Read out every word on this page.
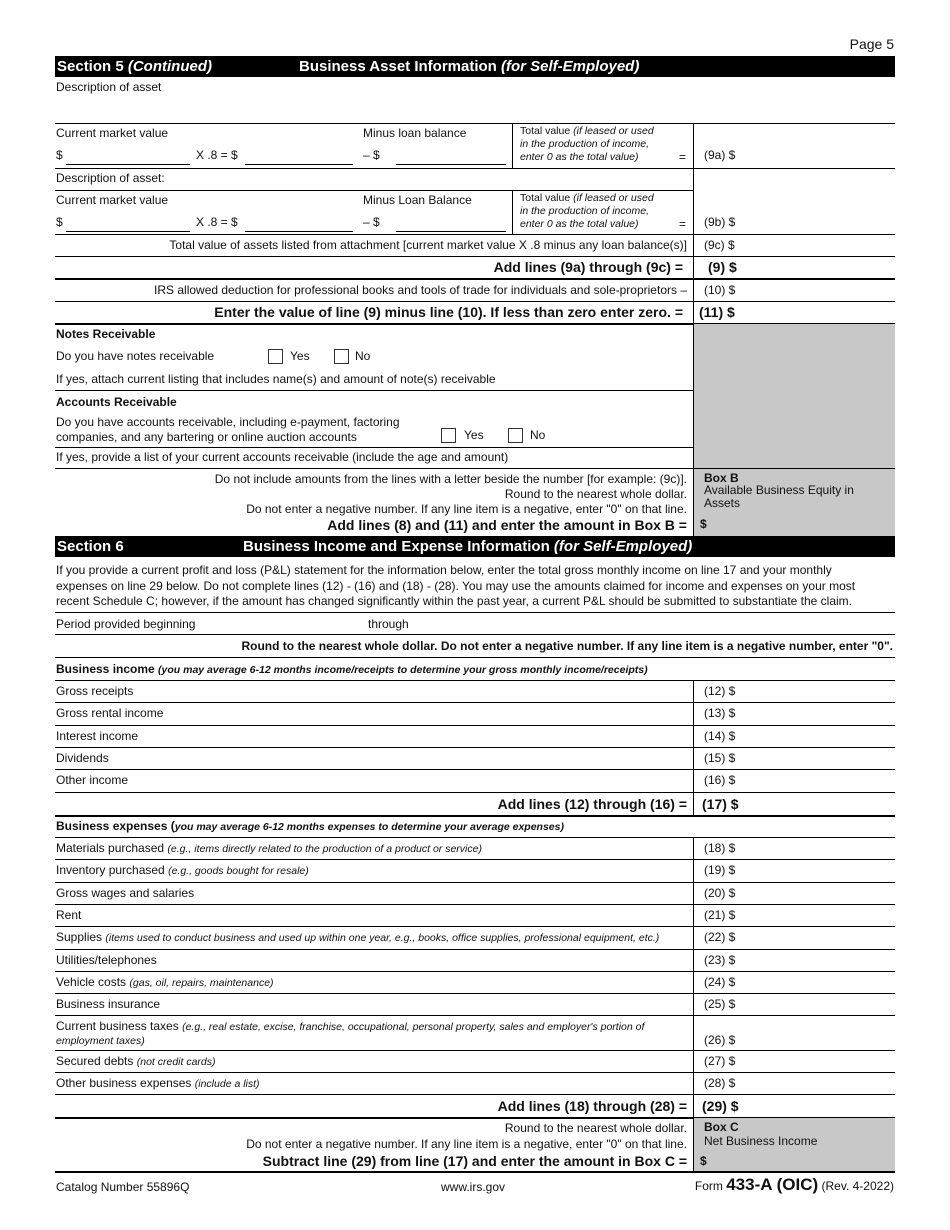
Page 5
Section 5 (Continued)	Business Asset Information (for Self-Employed)
Description of asset
Current market value
$	X .8 = $
Minus loan balance
– $
Total value (if leased or used
in the production of income,
enter 0 as the total value)	= (9a) $
Description of asset:
Current market value
$	X .8 = $
Minus Loan Balance
– $
Total value (if leased or used
in the production of income,
enter 0 as the total value)	= (9b) $
Total value of assets listed from attachment [current market value X .8 minus any loan balance(s)] (9c) $
Add lines (9a) through (9c) = (9) $
IRS allowed deduction for professional books and tools of trade for individuals and sole-proprietors – (10) $
Enter the value of line (9) minus line (10). If less than zero enter zero. = (11) $
Notes Receivable
Do you have notes receivable	Yes	No
If yes, attach current listing that includes name(s) and amount of note(s) receivable
Accounts Receivable
Do you have accounts receivable, including e-payment, factoring
companies, and any bartering or online auction accounts	Yes	No
If yes, provide a list of your current accounts receivable (include the age and amount)
Do not include amounts from the lines with a letter beside the number [for example: (9c)].
Round to the nearest whole dollar.
Do not enter a negative number. If any line item is a negative, enter "0" on that line.
Add lines (8) and (11) and enter the amount in Box B =
Box B
Available Business Equity in
Assets
$
Section 6	Business Income and Expense Information (for Self-Employed)
If you provide a current profit and loss (P&L) statement for the information below, enter the total gross monthly income on line 17 and your monthly
expenses on line 29 below. Do not complete lines (12) - (16) and (18) - (28). You may use the amounts claimed for income and expenses on your most
recent Schedule C; however, if the amount has changed significantly within the past year, a current P&L should be submitted to substantiate the claim.
Period provided beginning	through
Round to the nearest whole dollar. Do not enter a negative number. If any line item is a negative number, enter "0".
Business income (you may average 6-12 months income/receipts to determine your gross monthly income/receipts)
Gross receipts	(12) $
Gross rental income	(13) $
Interest income	(14) $
Dividends	(15) $
Other income	(16) $
Add lines (12) through (16) = (17) $
Business expenses (you may average 6-12 months expenses to determine your average expenses)
Materials purchased (e.g., items directly related to the production of a product or service)	(18) $
Inventory purchased (e.g., goods bought for resale)	(19) $
Gross wages and salaries	(20) $
Rent	(21) $
Supplies (items used to conduct business and used up within one year, e.g., books, office supplies, professional equipment, etc.)	(22) $
Utilities/telephones	(23) $
Vehicle costs (gas, oil, repairs, maintenance)	(24) $
Business insurance	(25) $
Current business taxes (e.g., real estate, excise, franchise, occupational, personal property, sales and employer's portion of
employment taxes)	(26) $
Secured debts (not credit cards)	(27) $
Other business expenses (include a list)	(28) $
Add lines (18) through (28) = (29) $
Round to the nearest whole dollar.
Do not enter a negative number. If any line item is a negative, enter "0" on that line.
Subtract line (29) from line (17) and enter the amount in Box C =
Box C
Net Business Income
$
Catalog Number 55896Q	www.irs.gov	Form 433-A (OIC) (Rev. 4-2022)
